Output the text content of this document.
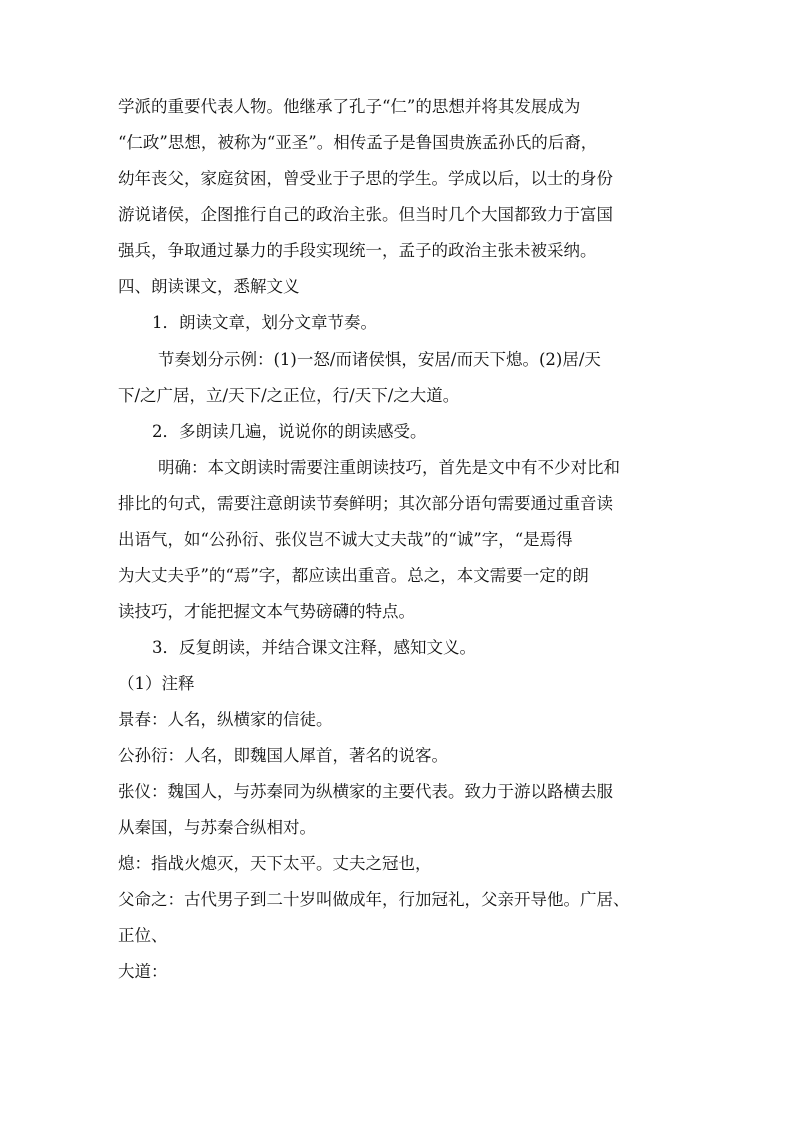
学派的重要代表人物。他继承了孔子“仁”的思想并将其发展成为
“仁政”思想，被称为“亚圣”。相传孟子是鲁国贵族孟孙氏的后裔，
幼年丧父，家庭贫困，曾受业于子思的学生。学成以后，以士的身份
游说诸侯，企图推行自己的政治主张。但当时几个大国都致力于富国
强兵，争取通过暴力的手段实现统一，孟子的政治主张未被采纳。
四、朗读课文，悉解文义
1．朗读文章，划分文章节奏。
节奏划分示例：(1)一怒/而诸侯惧，安居/而天下熄。(2)居/天
下/之广居，立/天下/之正位，行/天下/之大道。
2．多朗读几遍，说说你的朗读感受。
明确：本文朗读时需要注重朗读技巧，首先是文中有不少对比和
排比的句式，需要注意朗读节奏鲜明；其次部分语句需要通过重音读
出语气，如“公孙衍、张仪岂不诚大丈夫哉”的“诚”字，“是焉得
为大丈夫乎”的“焉”字，都应读出重音。总之，本文需要一定的朗
读技巧，才能把握文本气势磅礴的特点。
3．反复朗读，并结合课文注释，感知文义。
（1）注释
景春：人名，纵横家的信徒。
公孙衍：人名，即魏国人犀首，著名的说客。
张仪：魏国人，与苏秦同为纵横家的主要代表。致力于游以路横去服
从秦国，与苏秦合纵相对。
熄：指战火熄灭，天下太平。丈夫之冠也，
父命之：古代男子到二十岁叫做成年，行加冠礼，父亲开导他。广居、
正位、
大道：
